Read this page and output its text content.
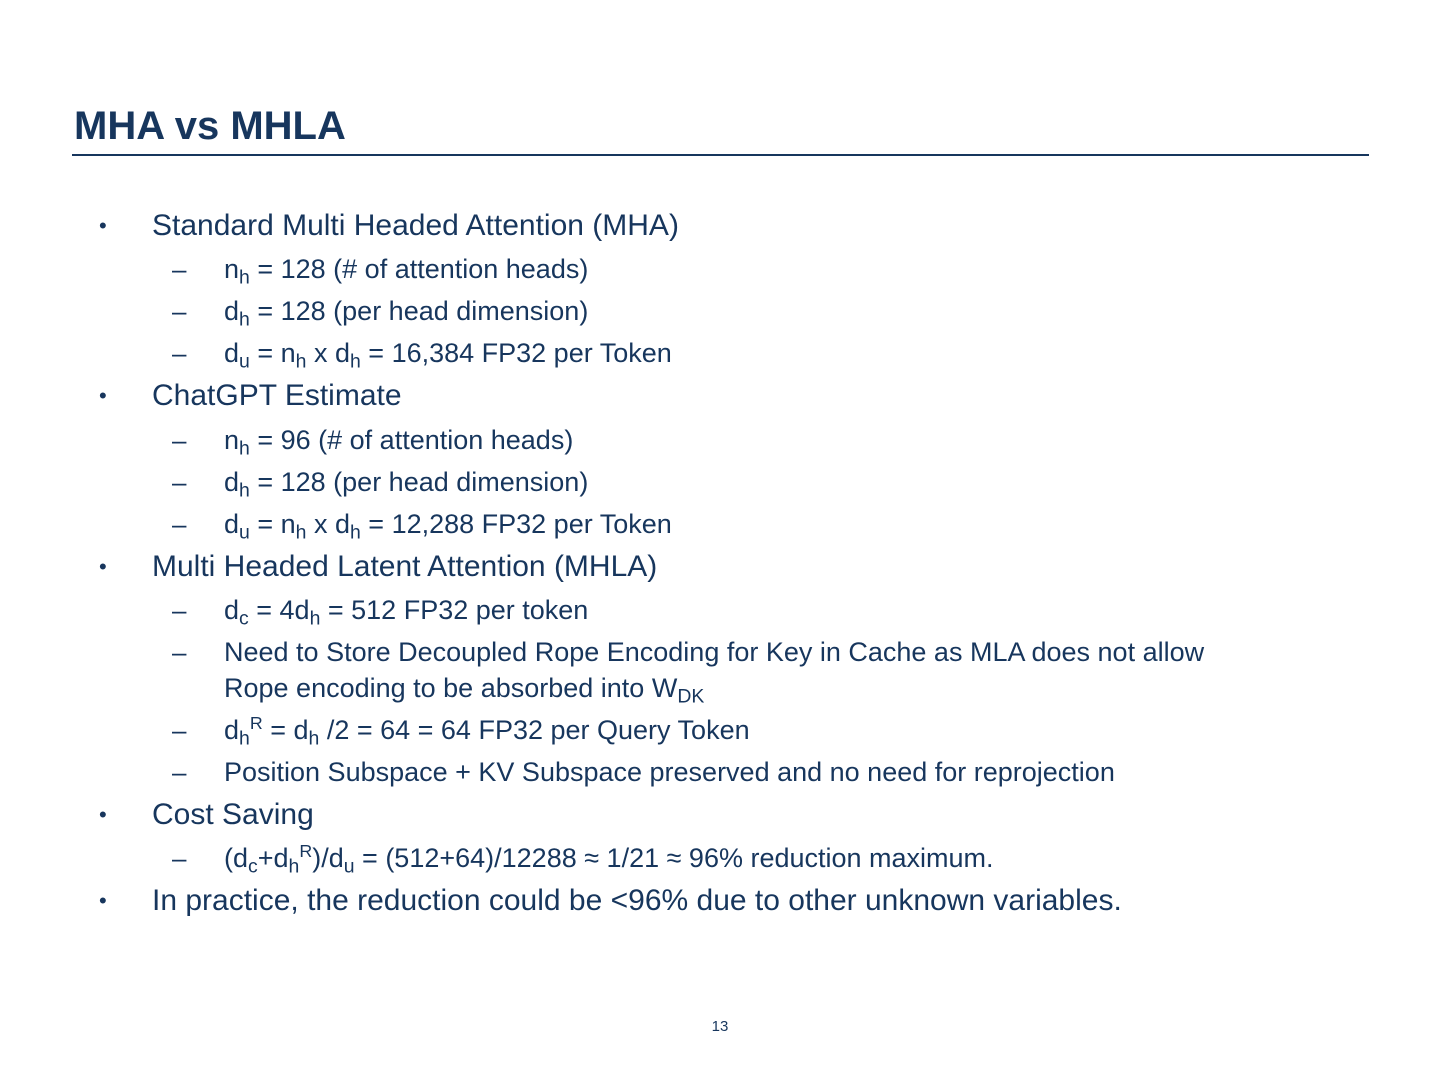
MHA vs MHLA
• Standard Multi Headed Attention (MHA)
– $n_h = 128$ (# of attention heads)
– $d_h = 128$ (per head dimension)
– $d_u = n_h$ x $d_h = 16,384$ FP32 per Token
• ChatGPT Estimate
– $n_h = 96$ (# of attention heads)
– $d_h = 128$ (per head dimension)
– $d_u = n_h$ x $d_h = 12,288$ FP32 per Token
• Multi Headed Latent Attention (MHLA)
– $d_c = 4d_h = 512$ FP32 per token
– Need to Store Decoupled Rope Encoding for Key in Cache as MLA does not allow
Rope encoding to be absorbed into $W_{DK}$
– $d_h^R = d_h$ /2 = 64 = 64 FP32 per Query Token
– Position Subspace + KV Subspace preserved and no need for reprojection
• Cost Saving
– $(d_c+d_h^R)/d_u = (512+64)/12288 \approx 1/21 \approx 96\%$ reduction maximum.
• In practice, the reduction could be <96% due to other unknown variables.
13
